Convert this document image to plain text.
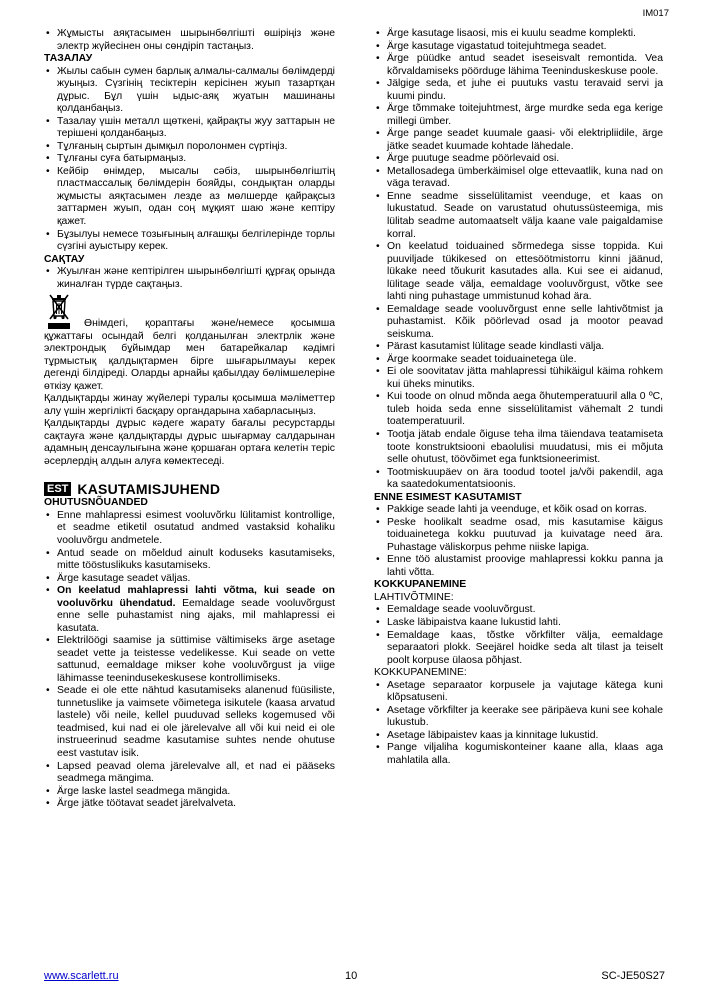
IM017
• Жұмысты аяқтасымен шырынбөлгішті өшіріңіз және электр жүйесінен оны сөндіріп тастаңыз.
ТАЗАЛАУ
• Жылы сабын сумен барлық алмалы-салмалы бөлімдерді жуыңыз. Сүзгінің тесіктерін керісінен жуып тазартқан дұрыс. Бұл үшін ыдыс-аяқ жуатын машинаны қолданбаңыз.
• Тазалау үшін металл щөткені, қайрақты жуу заттарын не терішені қолданбаңыз.
• Тұлғаның сыртын дымқыл поролонмен сүртіңіз.
• Тұлғаны суға батырмаңыз.
• Кейбір өнімдер, мысалы сәбіз, шырынбөлгіштің пластмассалық бөлімдерін бояйды, сондықтан оларды жұмысты аяқтасымен лезде аз мөлшерде қайрақсыз заттармен жуып, одан соң мұқият шаю және кептіру қажет.
• Бұзылуы немесе тозығының алғашқы белгілерінде торлы сүзгіні ауыстыру керек.
САҚТАУ
• Жуылған және кептірілген шырынбөлгішті құрғақ орында жиналған түрде сақтаңыз.

Өнімдегі, қораптағы және/немесе қосымша құжаттағы осындай белгі қолданылған электрлік және электрондық бұйымдар мен батарейкалар кәдімгі тұрмыстық қалдықтармен бірге шығарылмауы керек дегенді білдіреді. Оларды арнайы қабылдау бөлімшелеріне өткізу қажет.

Қалдықтарды жинау жүйелері туралы қосымша мәліметтер алу үшін жергілікті басқару органдарына хабарласыңыз.

Қалдықтарды дұрыс кәдеге жарату бағалы ресурстарды сақтауға және қалдықтарды дұрыс шығармау салдарынан адамның денсаулығына және қоршаған ортаға келетін теріс әсерлердің алдын алуға көмектеседі.

EST KASUTAMISJUHEND
OHUTUSNÕUANDED
• Enne mahlapressi esimest vooluvõrku lülitamist kontrollige, et seadme etiketil osutatud andmed vastaksid kohaliku vooluvõrgu andmetele.
• Antud seade on mõeldud ainult koduseks kasutamiseks, mitte tööstuslikuks kasutamiseks.
• Ärge kasutage seadet väljas.
• On keelatud mahlapressi lahti võtma, kui seade on vooluvõrku ühendatud. Eemaldage seade vooluvõrgust enne selle puhastamist ning ajaks, mil mahlapressi ei kasutata.
• Elektrilöögi saamise ja süttimise vältimiseks ärge asetage seadet vette ja teistesse vedelikesse. Kui seade on vette sattunud, eemaldage mikser kohe vooluvõrgust ja viige lähimasse teenindusekeskusese kontrollimiseks.
• Seade ei ole ette nähtud kasutamiseks alanenud füüsiliste, tunnetuslike ja vaimsete võimetega isikutele (kaasa arvatud lastele) või neile, kellel puuduvad selleks kogemused või teadmised, kui nad ei ole järelevalve all või kui neid ei ole instrueerinud seadme kasutamise suhtes nende ohutuse eest vastutav isik.
• Lapsed peavad olema järelevalve all, et nad ei pääseks seadmega mängima.
• Ärge laske lastel seadmega mängida.
• Ärge jätke töötavat seadet järelvalveta.
• Ärge kasutage lisaosi, mis ei kuulu seadme komplekti.
• Ärge kasutage vigastatud toitejuhtmega seadet.
• Ärge püüdke antud seadet iseseisvalt remontida. Vea kõrvaldamiseks pöörduge lähima Teeninduskeskuse poole.
• Jälgige seda, et juhe ei puutuks vastu teravaid servi ja kuumi pindu.
• Ärge tõmmake toitejuhtmest, ärge murdke seda ega kerige millegi ümber.
• Ärge pange seadet kuumale gaasi- või elektripliidile, ärge jätke seadet kuumade kohtade lähedale.
• Ärge puutuge seadme pöörlevaid osi.
• Metallosadega ümberkäimisel olge ettevaatlik, kuna nad on väga teravad.
• Enne seadme sisselülitamist veenduge, et kaas on lukustatud. Seade on varustatud ohutussüsteemiga, mis lülitab seadme automaatselt välja kaane vale paigaldamise korral.
• On keelatud toiduained sõrmedega sisse toppida. Kui puuviljade tükikesed on ettesöötmistorru kinni jäänud, lükake need tõukurit kasutades alla. Kui see ei aidanud, lülitage seade välja, eemaldage vooluvõrgust, võtke see lahti ning puhastage ummistunud kohad ära.
• Eemaldage seade vooluvõrgust enne selle lahtivõtmist ja puhastamist. Kõik pöörlevad osad ja mootor peavad seiskuma.
• Pärast kasutamist lülitage seade kindlasti välja.
• Ärge koormake seadet toiduainetega üle.
• Ei ole soovitatav jätta mahlapressi tühikäigul käima rohkem kui üheks minutiks.
• Kui toode on olnud mõnda aega õhutemperatuuril alla 0 ºC, tuleb hoida seda enne sisselülitamist vähemalt 2 tundi toatemperatuuril.
• Tootja jätab endale õiguse teha ilma täiendava teatamiseta toote konstruktsiooni ebaolulisi muudatusi, mis ei mõjuta selle ohutust, töövõimet ega funktsioneerimist.
• Tootmiskuupäev on ära toodud tootel ja/või pakendil, aga ka saatedokumentatsioonis.
ENNE ESIMEST KASUTAMIST
• Pakkige seade lahti ja veenduge, et kõik osad on korras.
• Peske hoolikalt seadme osad, mis kasutamise käigus toiduainetega kokku puutuvad ja kuivatage need ära. Puhastage väliskorpus pehme niiske lapiga.
• Enne töö alustamist proovige mahlapressi kokku panna ja lahti võtta.
KOKKUPANEMINE
LAHTIVÕTMINE:
• Eemaldage seade vooluvõrgust.
• Laske läbipaistva kaane lukustid lahti.
• Eemaldage kaas, tõstke võrkfilter välja, eemaldage separaatori plokk. Seejärel hoidke seda alt tilast ja teiselt poolt korpuse ülaosa põhjast.
KOKKUPANEMINE:
• Asetage separaator korpusele ja vajutage kätega kuni klõpsatuseni.
• Asetage võrkfilter ja keerake see päripäeva kuni see kohale lukustub.
• Asetage läbipaistev kaas ja kinnitage lukustid.
• Pange viljaliha kogumiskonteiner kaane alla, klaas aga mahlatila alla.
www.scarlett.ru	10	SC-JE50S27
